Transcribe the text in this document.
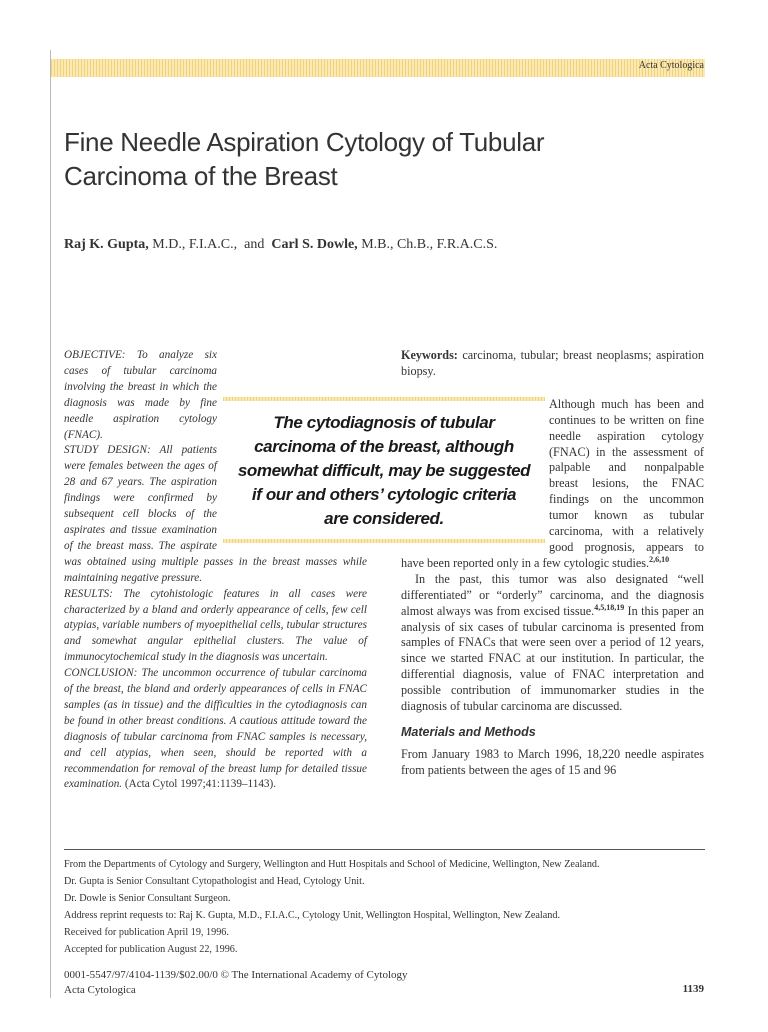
Acta Cytologica
Fine Needle Aspiration Cytology of Tubular
Carcinoma of the Breast
Raj K. Gupta, M.D., F.I.A.C., and Carl S. Dowle, M.B., Ch.B., F.R.A.C.S.

OBJECTIVE: To analyze six cases of tubular carcinoma involving the breast in which the diagnosis was made by fine needle aspiration cytology (FNAC).

STUDY DESIGN: All patients were females between the ages of 28 and 67 years. The aspiration findings were confirmed by subsequent cell blocks of the aspirates and tissue examination of the breast mass. The aspirate was obtained using multiple passes in the breast masses while maintaining negative pressure.

RESULTS: The cytohistologic features in all cases were characterized by a bland and orderly appearance of cells, few cell atypias, variable numbers of myoepithelial cells, tubular structures and somewhat angular epithelial clusters. The value of immunocytochemical study in the diagnosis was uncertain.

CONCLUSION: The uncommon occurrence of tubular carcinoma of the breast, the bland and orderly appearances of cells in FNAC samples (as in tissue) and the difficulties in the cytodiagnosis can be found in other breast conditions. A cautious attitude toward the diagnosis of tubular carcinoma from FNAC samples is necessary, and cell atypias, when seen, should be reported with a recommendation for removal of the breast lump for detailed tissue examination. (Acta Cytol 1997;41:1139–1143).

Keywords: carcinoma, tubular; breast neoplasms; aspiration biopsy.

Although much has been and continues to be written on fine needle aspiration cytology (FNAC) in the assessment of palpable and nonpalpable breast lesions, the FNAC findings on the uncommon tumor known as tubular carcinoma, with a relatively good prognosis, appears to have been reported only in a few cytologic studies.$^{2,6,10}$

In the past, this tumor was also designated “well differentiated” or “orderly” carcinoma, and the diagnosis almost always was from excised tissue.$^{4,5,18,19}$ In this paper an analysis of six cases of tubular carcinoma is presented from samples of FNACs that were seen over a period of 12 years, since we started FNAC at our institution. In particular, the differential diagnosis, value of FNAC interpretation and possible contribution of immunomarker studies in the diagnosis of tubular carcinoma are discussed.

Materials and Methods

From January 1983 to March 1996, 18,220 needle aspirates from patients between the ages of 15 and 96

The cytodiagnosis of tubular
carcinoma of the breast, although
somewhat difficult, may be suggested
if our and others’ cytologic criteria
are considered.

From the Departments of Cytology and Surgery, Wellington and Hutt Hospitals and School of Medicine, Wellington, New Zealand.

Dr. Gupta is Senior Consultant Cytopathologist and Head, Cytology Unit.

Dr. Dowle is Senior Consultant Surgeon.

Address reprint requests to: Raj K. Gupta, M.D., F.I.A.C., Cytology Unit, Wellington Hospital, Wellington, New Zealand.

Received for publication April 19, 1996.

Accepted for publication August 22, 1996.

0001-5547/97/4104-1139/$02.00/0 © The International Academy of Cytology
Acta Cytologica	1139
